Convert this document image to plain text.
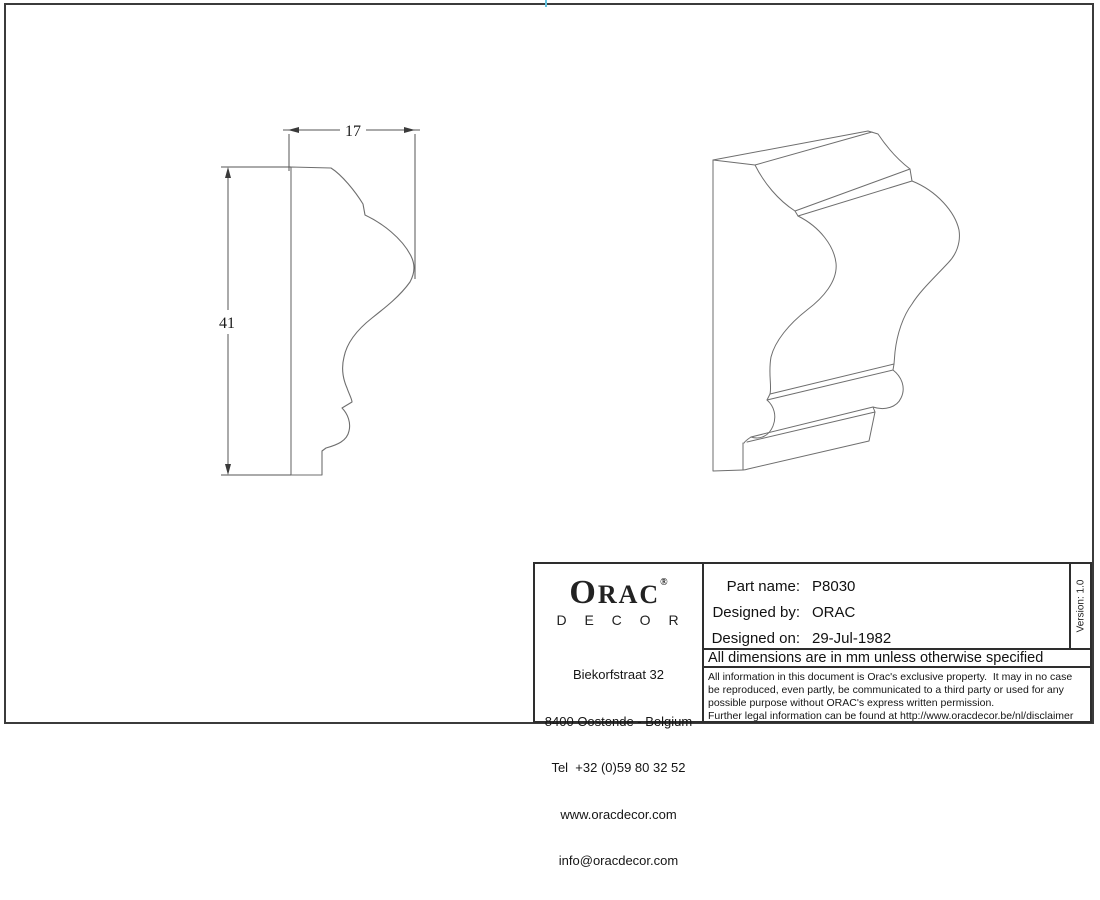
17
41
ORAC®
D E C O R

Biekorfstraat 32

8400 Oostende - Belgium

Tel  +32 (0)59 80 32 52

www.oracdecor.com

info@oracdecor.com

Part name: P8030
Designed by: ORAC
Designed on: 29-Jul-1982
Version: 1.0
All dimensions are in mm unless otherwise specified
All information in this document is Orac's exclusive property.  It may in no case
be reproduced, even partly, be communicated to a third party or used for any
possible purpose without ORAC's express written permission.
Further legal information can be found at http://www.oracdecor.be/nl/disclaimer
